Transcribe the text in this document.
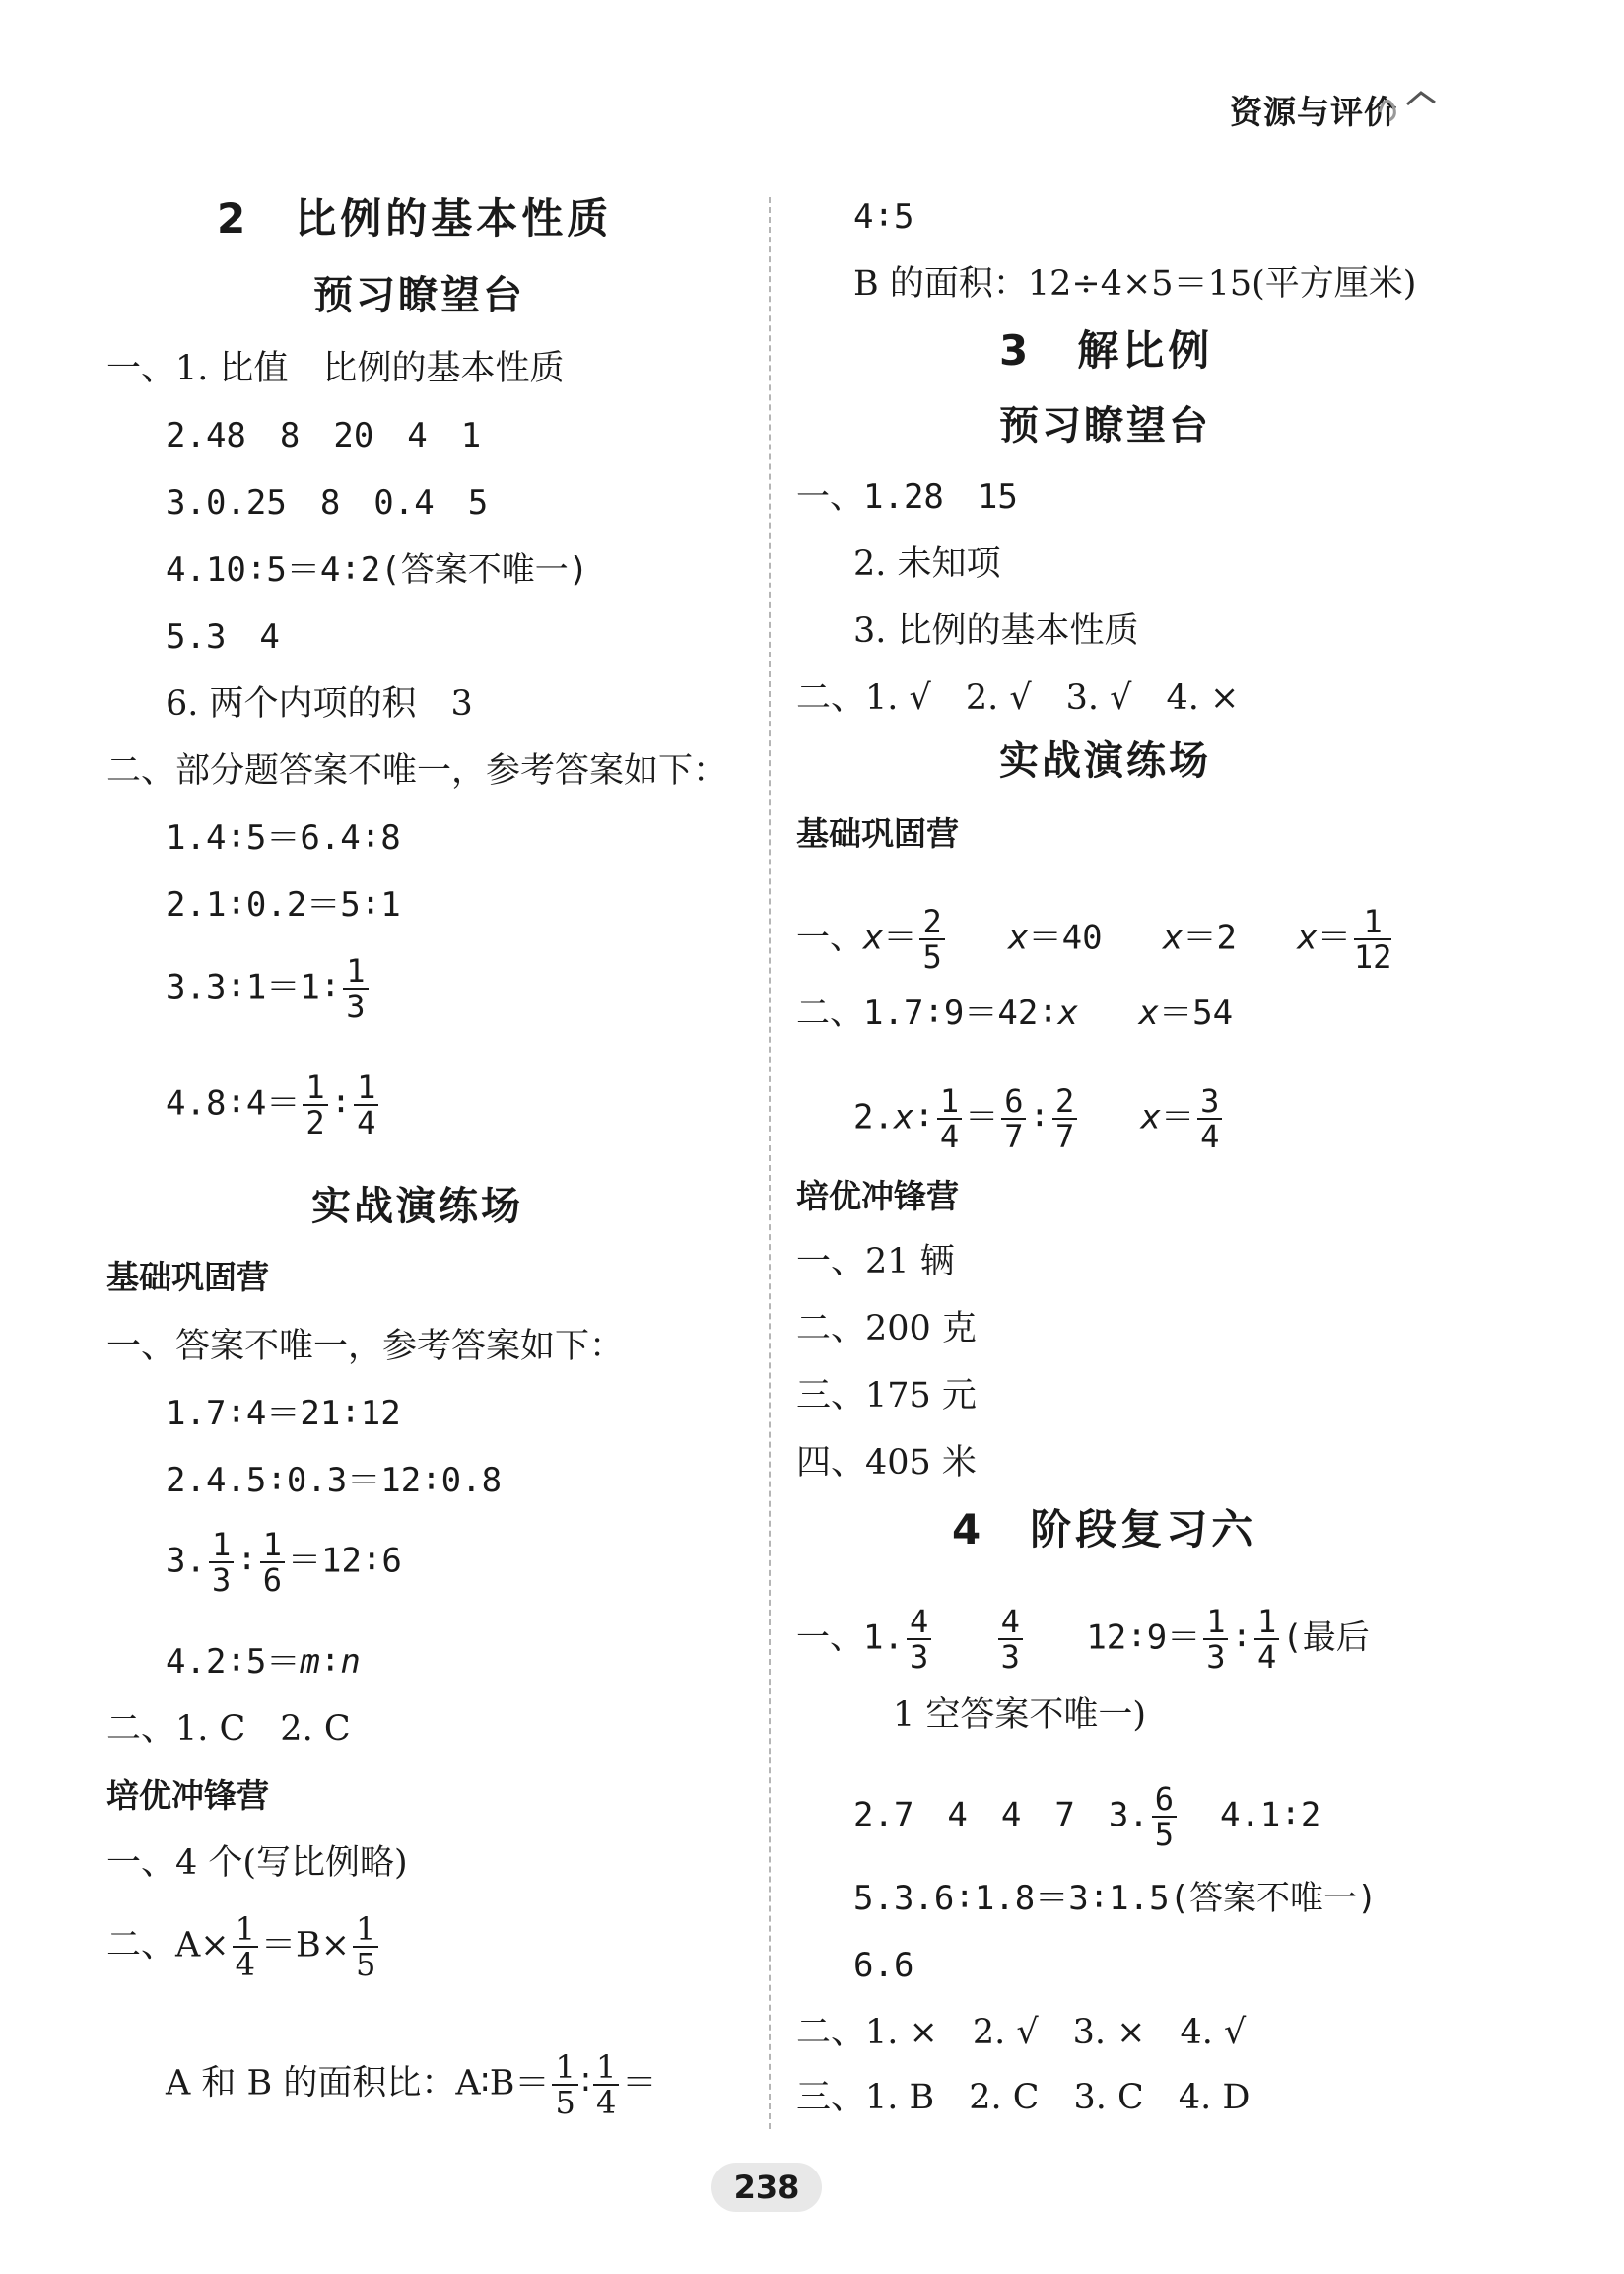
资源与评价
2　比例的基本性质
预习瞭望台
一、1. 比值　比例的基本性质
2.48　8　20　4　1
3.0.25　8　0.4　5
4.10∶5＝4∶2(答案不唯一)
5.3　4
6. 两个内项的积　3
二、部分题答案不唯一，参考答案如下：
1.4∶5＝6.4∶8
2.1∶0.2＝5∶1
3.3∶1＝1∶ $\frac{1}{3}$
4.8∶4＝ $\frac{1}{2}$ ∶ $\frac{1}{4}$
实战演练场
基础巩固营
一、答案不唯一，参考答案如下：
1.7∶4＝21∶12
2.4.5∶0.3＝12∶0.8
3. $\frac{1}{3}$ ∶ $\frac{1}{6}$ ＝12∶6
4.2∶5＝m∶n
二、1. C　2. C
培优冲锋营
一、4 个(写比例略)
二、$A\times \frac{1}{4} =B\times \frac{1}{5}$
A 和 B 的面积比：A∶B＝ $\frac{1}{5}$ ∶ $\frac{1}{4}$ ＝
4∶5
B 的面积：12÷4×5＝15(平方厘米)
3　解比例
预习瞭望台
一、1.28　15
2. 未知项
3. 比例的基本性质
二、1. √　2. √　3. √　4. ×
实战演练场
基础巩固营
一、$x= \frac{2}{5} x=40$ x＝2 $x= \frac{1}{12}$
二、1.7∶9＝42∶x x＝54
2.x∶ $\frac{1}{4} = \frac{6}{7}$ ∶ $\frac{2}{7} x= \frac{3}{4}$
培优冲锋营
一、21 辆
二、200 克
三、175 元
四、405 米
4　阶段复习六
一、1. $\frac{4}{3}$
$\frac{4}{3}$ 12∶9＝ $\frac{1}{3}$ ∶ $\frac{1}{4}$ (最后
1 空答案不唯一)
2.7　4　4　7　3. $\frac{6}{5}$ 4.1∶2
5.3.6∶1.8＝3∶1.5(答案不唯一)
6.6
二、1. ×　2. √　3. ×　4. √
三、1. B　2. C　3. C　4. D
238
